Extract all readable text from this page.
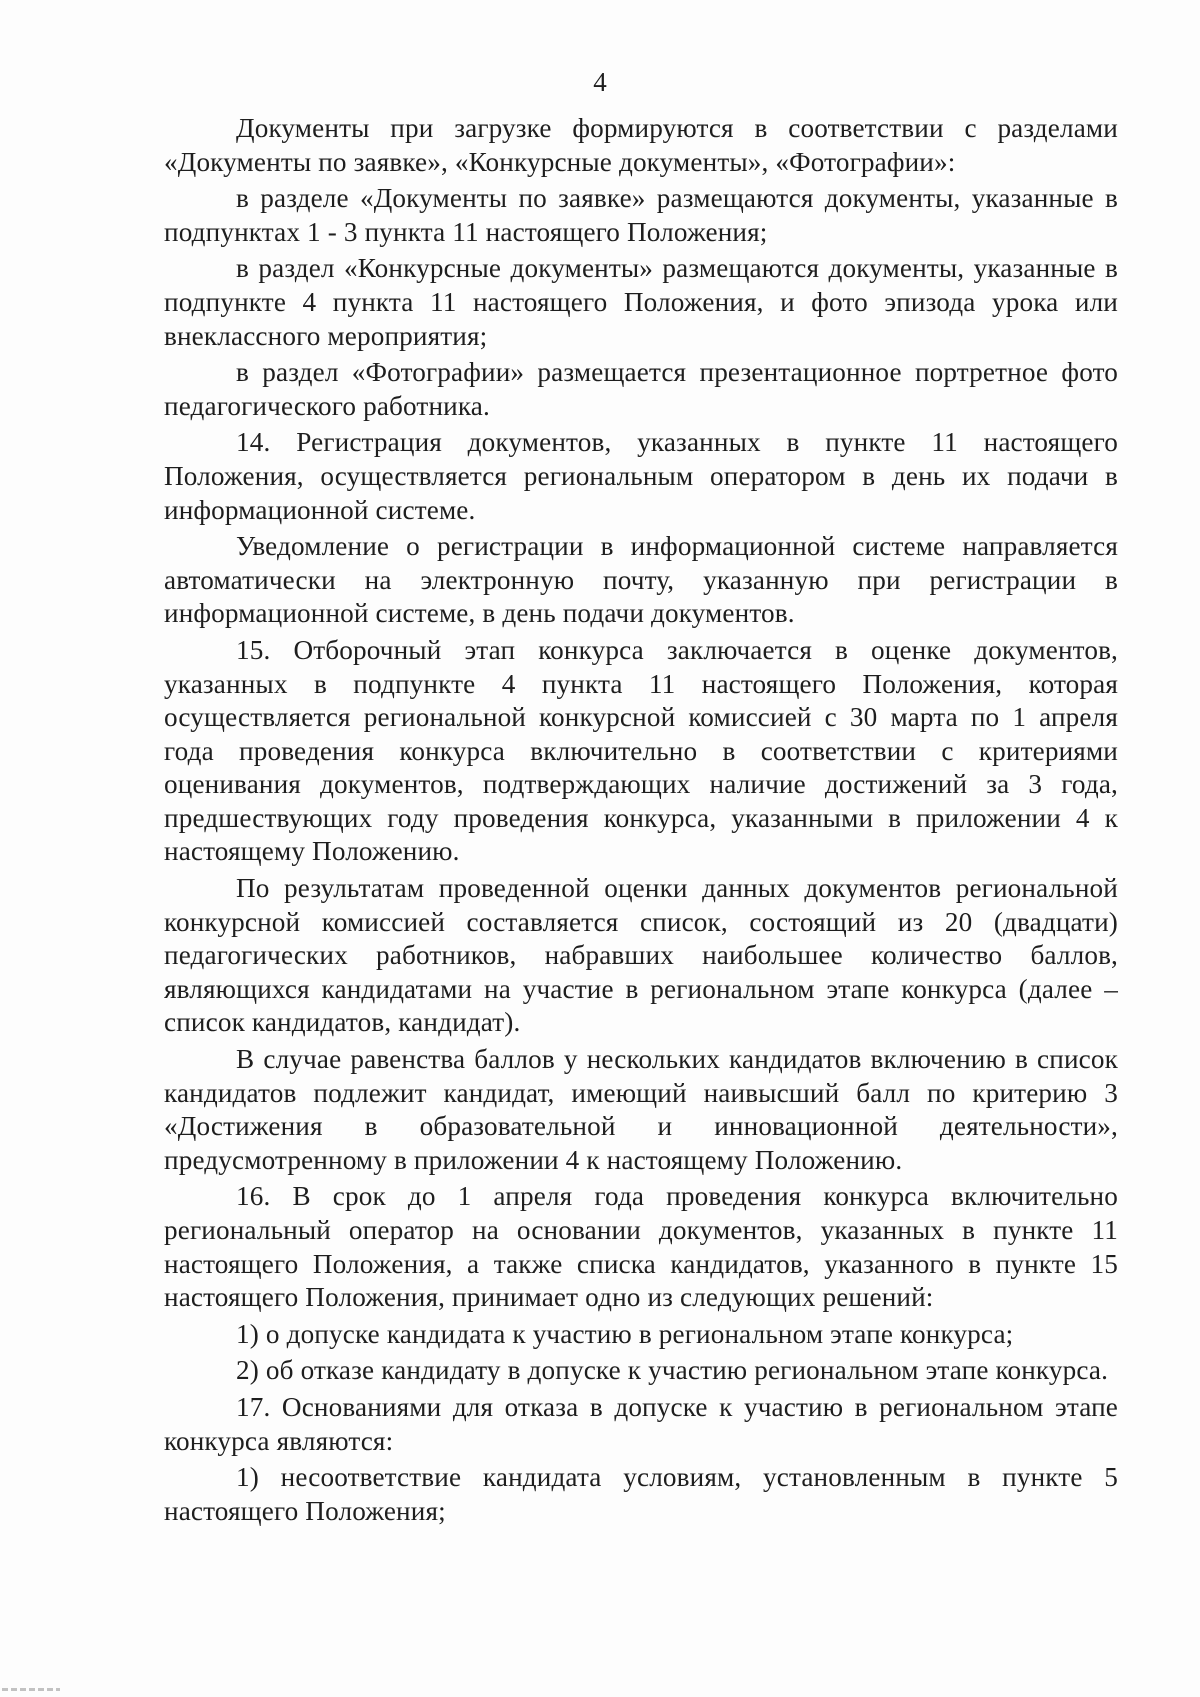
4

Документы при загрузке формируются в соответствии с разделами «Документы по заявке», «Конкурсные документы», «Фотографии»:

в разделе «Документы по заявке» размещаются документы, указанные в подпунктах 1 - 3 пункта 11 настоящего Положения;

в раздел «Конкурсные документы» размещаются документы, указанные в подпункте 4 пункта 11 настоящего Положения, и фото эпизода урока или внеклассного мероприятия;

в раздел «Фотографии» размещается презентационное портретное фото педагогического работника.

14. Регистрация документов, указанных в пункте 11 настоящего Положения, осуществляется региональным оператором в день их подачи в информационной системе.

Уведомление о регистрации в информационной системе направляется автоматически на электронную почту, указанную при регистрации в информационной системе, в день подачи документов.

15. Отборочный этап конкурса заключается в оценке документов, указанных в подпункте 4 пункта 11 настоящего Положения, которая осуществляется региональной конкурсной комиссией с 30 марта по 1 апреля года проведения конкурса включительно в соответствии с критериями оценивания документов, подтверждающих наличие достижений за 3 года, предшествующих году проведения конкурса, указанными в приложении 4 к настоящему Положению.

По результатам проведенной оценки данных документов региональной конкурсной комиссией составляется список, состоящий из 20 (двадцати) педагогических работников, набравших наибольшее количество баллов, являющихся кандидатами на участие в региональном этапе конкурса (далее – список кандидатов, кандидат).

В случае равенства баллов у нескольких кандидатов включению в список кандидатов подлежит кандидат, имеющий наивысший балл по критерию 3 «Достижения в образовательной и инновационной деятельности», предусмотренному в приложении 4 к настоящему Положению.

16. В срок до 1 апреля года проведения конкурса включительно региональный оператор на основании документов, указанных в пункте 11 настоящего Положения, а также списка кандидатов, указанного в пункте 15 настоящего Положения, принимает одно из следующих решений:

1) о допуске кандидата к участию в региональном этапе конкурса;

2) об отказе кандидату в допуске к участию региональном этапе конкурса.

17. Основаниями для отказа в допуске к участию в региональном этапе конкурса являются:

1) несоответствие кандидата условиям, установленным в пункте 5 настоящего Положения;
